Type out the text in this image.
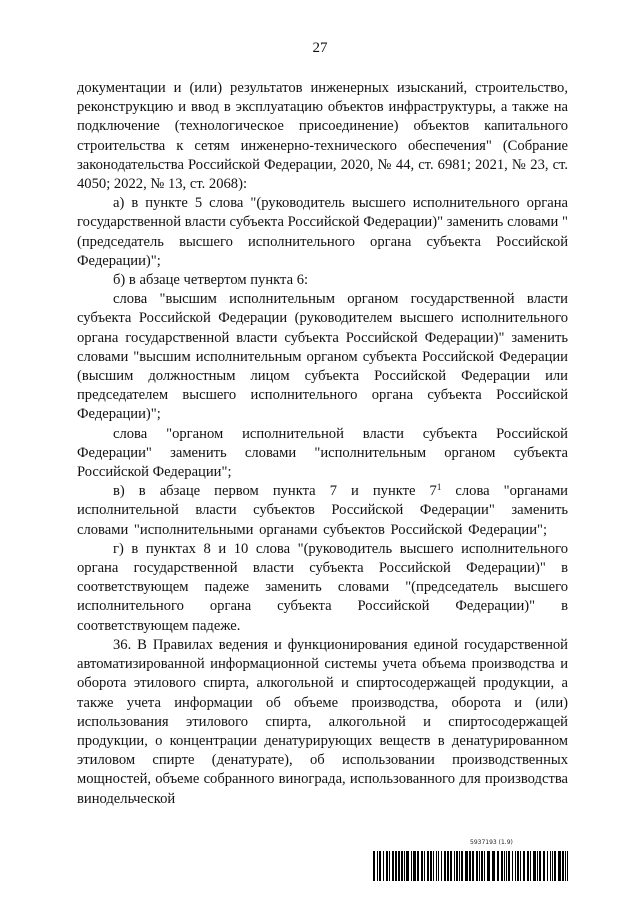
27

документации и (или) результатов инженерных изысканий, строительство, реконструкцию и ввод в эксплуатацию объектов инфраструктуры, а также на подключение (технологическое присоединение) объектов капитального строительства к сетям инженерно-технического обеспечения" (Собрание законодательства Российской Федерации, 2020, № 44, ст. 6981; 2021, № 23, ст. 4050; 2022, № 13, ст. 2068):

а) в пункте 5 слова "(руководитель высшего исполнительного органа государственной власти субъекта Российской Федерации)" заменить словами "(председатель высшего исполнительного органа субъекта Российской Федерации)";

б) в абзаце четвертом пункта 6:

слова "высшим исполнительным органом государственной власти субъекта Российской Федерации (руководителем высшего исполнительного органа государственной власти субъекта Российской Федерации)" заменить словами "высшим исполнительным органом субъекта Российской Федерации (высшим должностным лицом субъекта Российской Федерации или председателем высшего исполнительного органа субъекта Российской Федерации)";

слова "органом исполнительной власти субъекта Российской Федерации" заменить словами "исполнительным органом субъекта Российской Федерации";

в) в абзаце первом пункта 7 и пункте $7^1$ слова "органами исполнительной власти субъектов Российской Федерации" заменить словами "исполнительными органами субъектов Российской Федерации";

г) в пунктах 8 и 10 слова "(руководитель высшего исполнительного органа государственной власти субъекта Российской Федерации)" в соответствующем падеже заменить словами "(председатель высшего исполнительного органа субъекта Российской Федерации)" в соответствующем падеже.

36. В Правилах ведения и функционирования единой государственной автоматизированной информационной системы учета объема производства и оборота этилового спирта, алкогольной и спиртосодержащей продукции, а также учета информации об объеме производства, оборота и (или) использования этилового спирта, алкогольной и спиртосодержащей продукции, о концентрации денатурирующих веществ в денатурированном этиловом спирте (денатурате), об использовании производственных мощностей, объеме собранного винограда, использованного для производства винодельческой

5937193 (1.9)
